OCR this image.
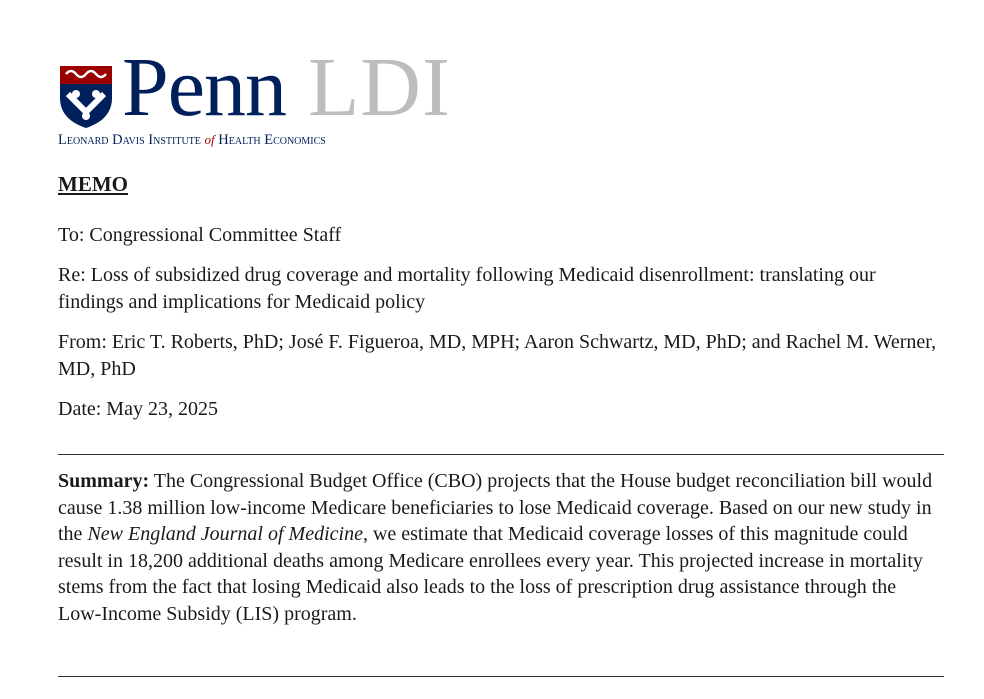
Penn LDI
Leonard Davis Institute of Health Economics
MEMO
To: Congressional Committee Staff
Re: Loss of subsidized drug coverage and mortality following Medicaid disenrollment: translating our findings and implications for Medicaid policy
From: Eric T. Roberts, PhD; José F. Figueroa, MD, MPH; Aaron Schwartz, MD, PhD; and Rachel M. Werner, MD, PhD
Date: May 23, 2025
Summary: The Congressional Budget Office (CBO) projects that the House budget reconciliation bill would cause 1.38 million low-income Medicare beneficiaries to lose Medicaid coverage. Based on our new study in the New England Journal of Medicine, we estimate that Medicaid coverage losses of this magnitude could result in 18,200 additional deaths among Medicare enrollees every year. This projected increase in mortality stems from the fact that losing Medicaid also leads to the loss of prescription drug assistance through the Low-Income Subsidy (LIS) program.
